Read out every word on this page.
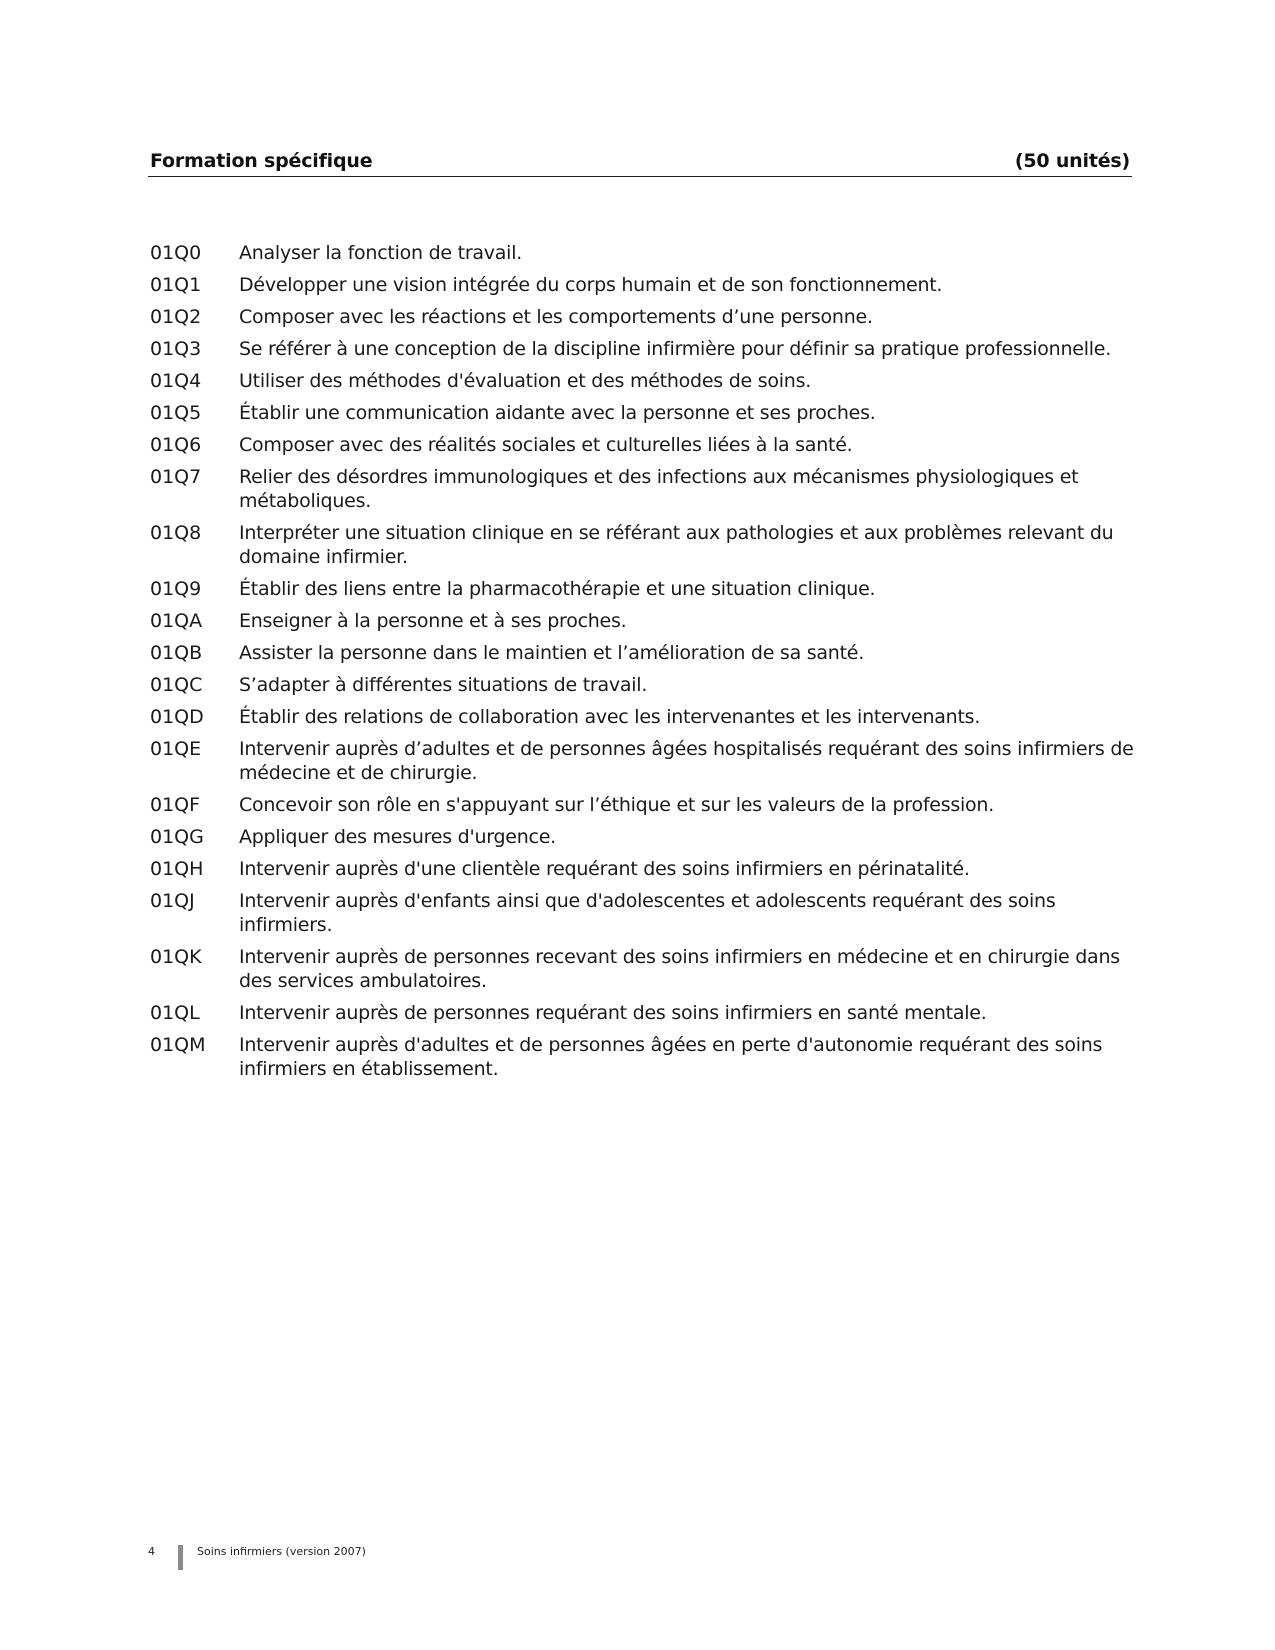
Formation spécifique	(50 unités)
01Q0	Analyser la fonction de travail.
01Q1	Développer une vision intégrée du corps humain et de son fonctionnement.
01Q2	Composer avec les réactions et les comportements d’une personne.
01Q3	Se référer à une conception de la discipline infirmière pour définir sa pratique professionnelle.
01Q4	Utiliser des méthodes d'évaluation et des méthodes de soins.
01Q5	Établir une communication aidante avec la personne et ses proches.
01Q6	Composer avec des réalités sociales et culturelles liées à la santé.
01Q7	Relier des désordres immunologiques et des infections aux mécanismes physiologiques et métaboliques.
01Q8	Interpréter une situation clinique en se référant aux pathologies et aux problèmes relevant du domaine infirmier.
01Q9	Établir des liens entre la pharmacothérapie et une situation clinique.
01QA	Enseigner à la personne et à ses proches.
01QB	Assister la personne dans le maintien et l’amélioration de sa santé.
01QC	S’adapter à différentes situations de travail.
01QD	Établir des relations de collaboration avec les intervenantes et les intervenants.
01QE	Intervenir auprès d’adultes et de personnes âgées hospitalisés requérant des soins infirmiers de médecine et de chirurgie.
01QF	Concevoir son rôle en s'appuyant sur l’éthique et sur les valeurs de la profession.
01QG	Appliquer des mesures d'urgence.
01QH	Intervenir auprès d'une clientèle requérant des soins infirmiers en périnatalité.
01QJ	Intervenir auprès d'enfants ainsi que d'adolescentes et adolescents requérant des soins infirmiers.
01QK	Intervenir auprès de personnes recevant des soins infirmiers en médecine et en chirurgie dans des services ambulatoires.
01QL	Intervenir auprès de personnes requérant des soins infirmiers en santé mentale.
01QM	Intervenir auprès d'adultes et de personnes âgées en perte d'autonomie requérant des soins infirmiers en établissement.
4	Soins infirmiers (version 2007)
